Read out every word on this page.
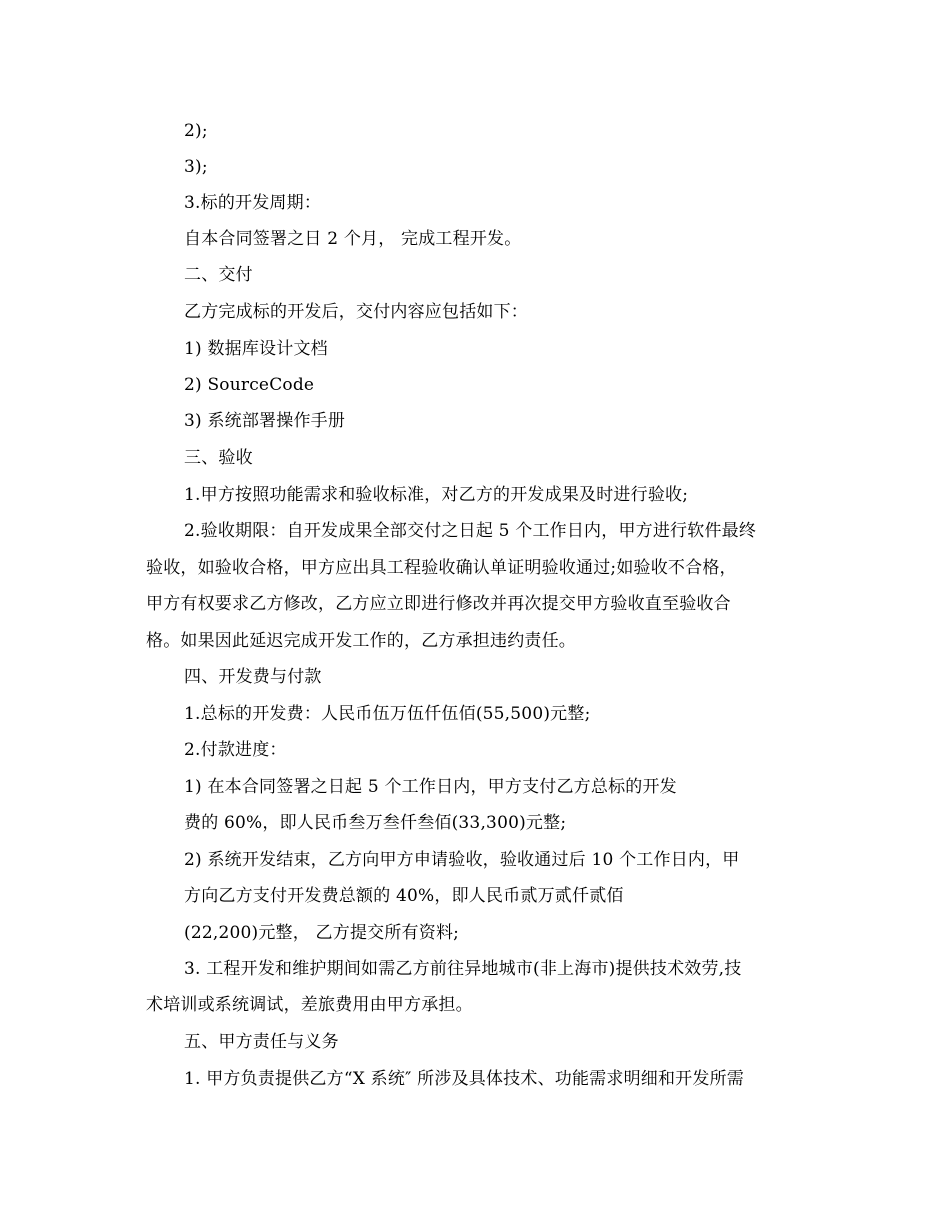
2);
3);
3.标的开发周期：
自本合同签署之日 2 个月， 完成工程开发。
二、交付
乙方完成标的开发后，交付内容应包括如下：
1) 数据库设计文档
2) SourceCode
3) 系统部署操作手册
三、验收
1.甲方按照功能需求和验收标准，对乙方的开发成果及时进行验收;
2.验收期限：自开发成果全部交付之日起 5 个工作日内，甲方进行软件最终
验收，如验收合格，甲方应出具工程验收确认单证明验收通过;如验收不合格，
甲方有权要求乙方修改，乙方应立即进行修改并再次提交甲方验收直至验收合
格。如果因此延迟完成开发工作的，乙方承担违约责任。
四、开发费与付款
1.总标的开发费：人民币伍万伍仟伍佰(55,500)元整;
2.付款进度：
1) 在本合同签署之日起 5 个工作日内，甲方支付乙方总标的开发
费的 60%，即人民币叁万叁仟叁佰(33,300)元整;
2) 系统开发结束，乙方向甲方申请验收，验收通过后 10 个工作日内，甲
方向乙方支付开发费总额的 40%，即人民币贰万贰仟贰佰
(22,200)元整， 乙方提交所有资料;
3. 工程开发和维护期间如需乙方前往异地城市(非上海市)提供技术效劳,技
术培训或系统调试，差旅费用由甲方承担。
五、甲方责任与义务
1. 甲方负责提供乙方“X 系统″ 所涉及具体技术、功能需求明细和开发所需
